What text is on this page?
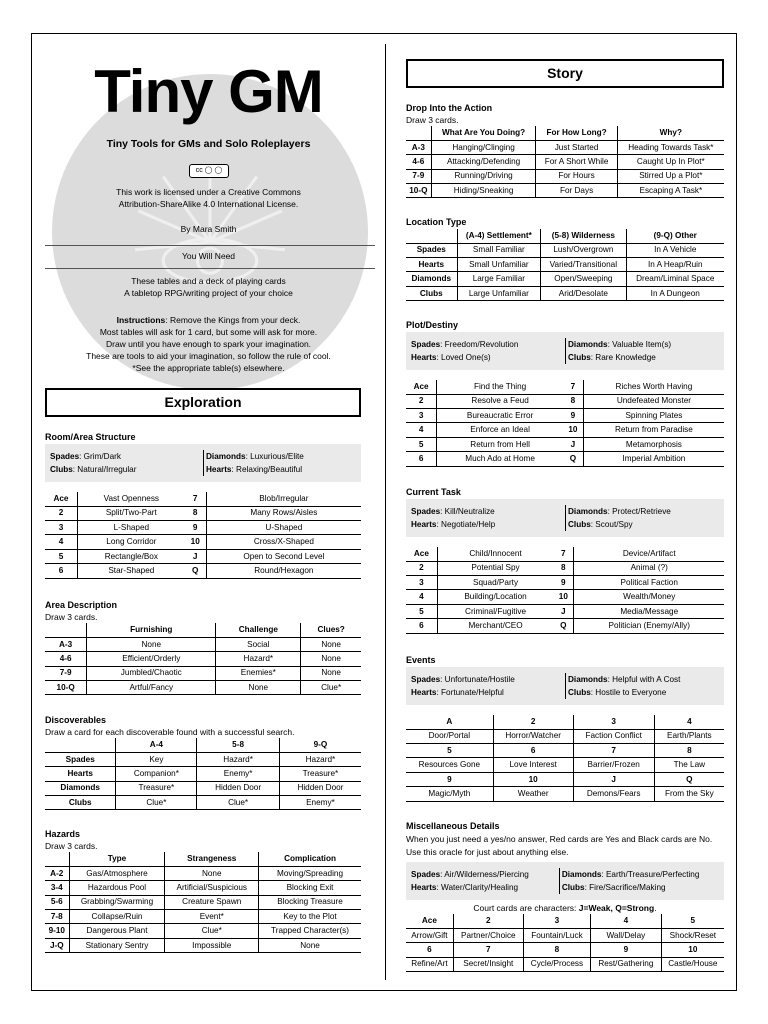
Tiny GM
Tiny Tools for GMs and Solo Roleplayers
cc ◯ ◯
This work is licensed under a Creative Commons
Attribution-ShareAlike 4.0 International License.
By Mara Smith
You Will Need
These tables and a deck of playing cards
A tabletop RPG/writing project of your choice
Instructions: Remove the Kings from your deck.
Most tables will ask for 1 card, but some will ask for more.
Draw until you have enough to spark your imagination.
These are tools to aid your imagination, so follow the rule of cool.
*See the appropriate table(s) elsewhere.
Exploration
Room/Area Structure
Spades: Grim/Dark
Clubs: Natural/Irregular
Diamonds: Luxurious/Elite
Hearts: Relaxing/Beautiful
Ace	Vast Openness	7	Blob/Irregular
2	Split/Two-Part	8	Many Rows/Aisles
3	L-Shaped	9	U-Shaped
4	Long Corridor	10	Cross/X-Shaped
5	Rectangle/Box	J	Open to Second Level
6	Star-Shaped	Q	Round/Hexagon
Area Description
Draw 3 cards.
	Furnishing	Challenge	Clues?
A-3	None	Social	None
4-6	Efficient/Orderly	Hazard*	None
7-9	Jumbled/Chaotic	Enemies*	None
10-Q	Artful/Fancy	None	Clue*
Discoverables
Draw a card for each discoverable found with a successful search.
	A-4	5-8	9-Q
Spades	Key	Hazard*	Hazard*
Hearts	Companion*	Enemy*	Treasure*
Diamonds	Treasure*	Hidden Door	Hidden Door
Clubs	Clue*	Clue*	Enemy*
Hazards
Draw 3 cards.
	Type	Strangeness	Complication
A-2	Gas/Atmosphere	None	Moving/Spreading
3-4	Hazardous Pool	Artificial/Suspicious	Blocking Exit
5-6	Grabbing/Swarming	Creature Spawn	Blocking Treasure
7-8	Collapse/Ruin	Event*	Key to the Plot
9-10	Dangerous Plant	Clue*	Trapped Character(s)
J-Q	Stationary Sentry	Impossible	None
Story
Drop Into the Action
Draw 3 cards.
	What Are You Doing?	For How Long?	Why?
A-3	Hanging/Clinging	Just Started	Heading Towards Task*
4-6	Attacking/Defending	For A Short While	Caught Up In Plot*
7-9	Running/Driving	For Hours	Stirred Up a Plot*
10-Q	Hiding/Sneaking	For Days	Escaping A Task*
Location Type
	(A-4) Settlement*	(5-8) Wilderness	(9-Q) Other
Spades	Small Familiar	Lush/Overgrown	In A Vehicle
Hearts	Small Unfamiliar	Varied/Transitional	In A Heap/Ruin
Diamonds	Large Familiar	Open/Sweeping	Dream/Liminal Space
Clubs	Large Unfamiliar	Arid/Desolate	In A Dungeon
Plot/Destiny
Spades: Freedom/Revolution
Hearts: Loved One(s)
Diamonds: Valuable Item(s)
Clubs: Rare Knowledge
Ace	Find the Thing	7	Riches Worth Having
2	Resolve a Feud	8	Undefeated Monster
3	Bureaucratic Error	9	Spinning Plates
4	Enforce an Ideal	10	Return from Paradise
5	Return from Hell	J	Metamorphosis
6	Much Ado at Home	Q	Imperial Ambition
Current Task
Spades: Kill/Neutralize
Hearts: Negotiate/Help
Diamonds: Protect/Retrieve
Clubs: Scout/Spy
Ace	Child/Innocent	7	Device/Artifact
2	Potential Spy	8	Animal (?)
3	Squad/Party	9	Political Faction
4	Building/Location	10	Wealth/Money
5	Criminal/Fugitive	J	Media/Message
6	Merchant/CEO	Q	Politician (Enemy/Ally)
Events
Spades: Unfortunate/Hostile
Hearts: Fortunate/Helpful
Diamonds: Helpful with A Cost
Clubs: Hostile to Everyone
A	2	3	4
Door/Portal	Horror/Watcher	Faction Conflict	Earth/Plants
5	6	7	8
Resources Gone	Love Interest	Barrier/Frozen	The Law
9	10	J	Q
Magic/Myth	Weather	Demons/Fears	From the Sky
Miscellaneous Details
When you just need a yes/no answer, Red cards are Yes and Black cards are No. Use this oracle for just about anything else.
Spades: Air/Wilderness/Piercing
Hearts: Water/Clarity/Healing
Diamonds: Earth/Treasure/Perfecting
Clubs: Fire/Sacrifice/Making
Court cards are characters: J=Weak, Q=Strong.
Ace	2	3	4	5
Arrow/Gift	Partner/Choice	Fountain/Luck	Wall/Delay	Shock/Reset
6	7	8	9	10
Refine/Art	Secret/Insight	Cycle/Process	Rest/Gathering	Castle/House
